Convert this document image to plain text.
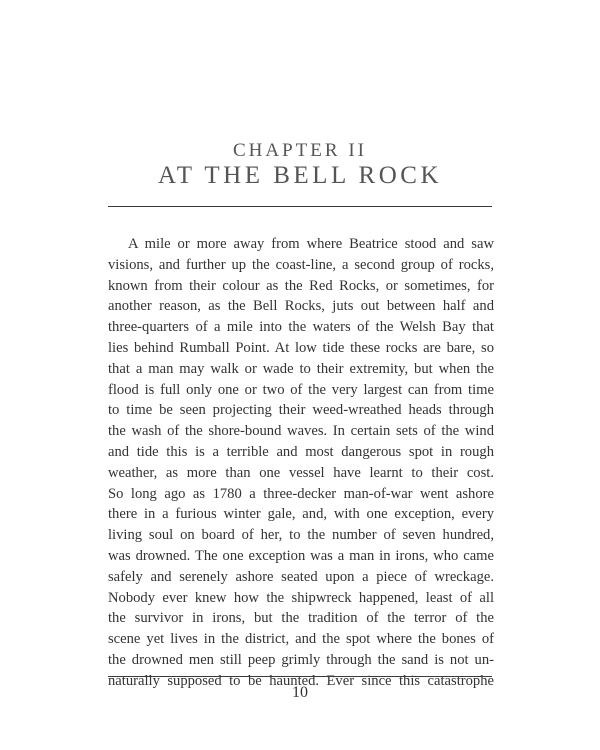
CHAPTER II
AT THE BELL ROCK
A mile or more away from where Beatrice stood and saw
visions, and further up the coast-line, a second group of rocks,
known from their colour as the Red Rocks, or sometimes, for
another reason, as the Bell Rocks, juts out between half and
three-quarters of a mile into the waters of the Welsh Bay that
lies behind Rumball Point. At low tide these rocks are bare, so
that a man may walk or wade to their extremity, but when the
flood is full only one or two of the very largest can from time
to time be seen projecting their weed-wreathed heads through
the wash of the shore-bound waves. In certain sets of the wind
and tide this is a terrible and most dangerous spot in rough
weather, as more than one vessel have learnt to their cost.
So long ago as 1780 a three-decker man-of-war went ashore
there in a furious winter gale, and, with one exception, every
living soul on board of her, to the number of seven hundred,
was drowned. The one exception was a man in irons, who came
safely and serenely ashore seated upon a piece of wreckage.
Nobody ever knew how the shipwreck happened, least of all
the survivor in irons, but the tradition of the terror of the
scene yet lives in the district, and the spot where the bones of
the drowned men still peep grimly through the sand is not un-
naturally supposed to be haunted. Ever since this catastrophe
10
